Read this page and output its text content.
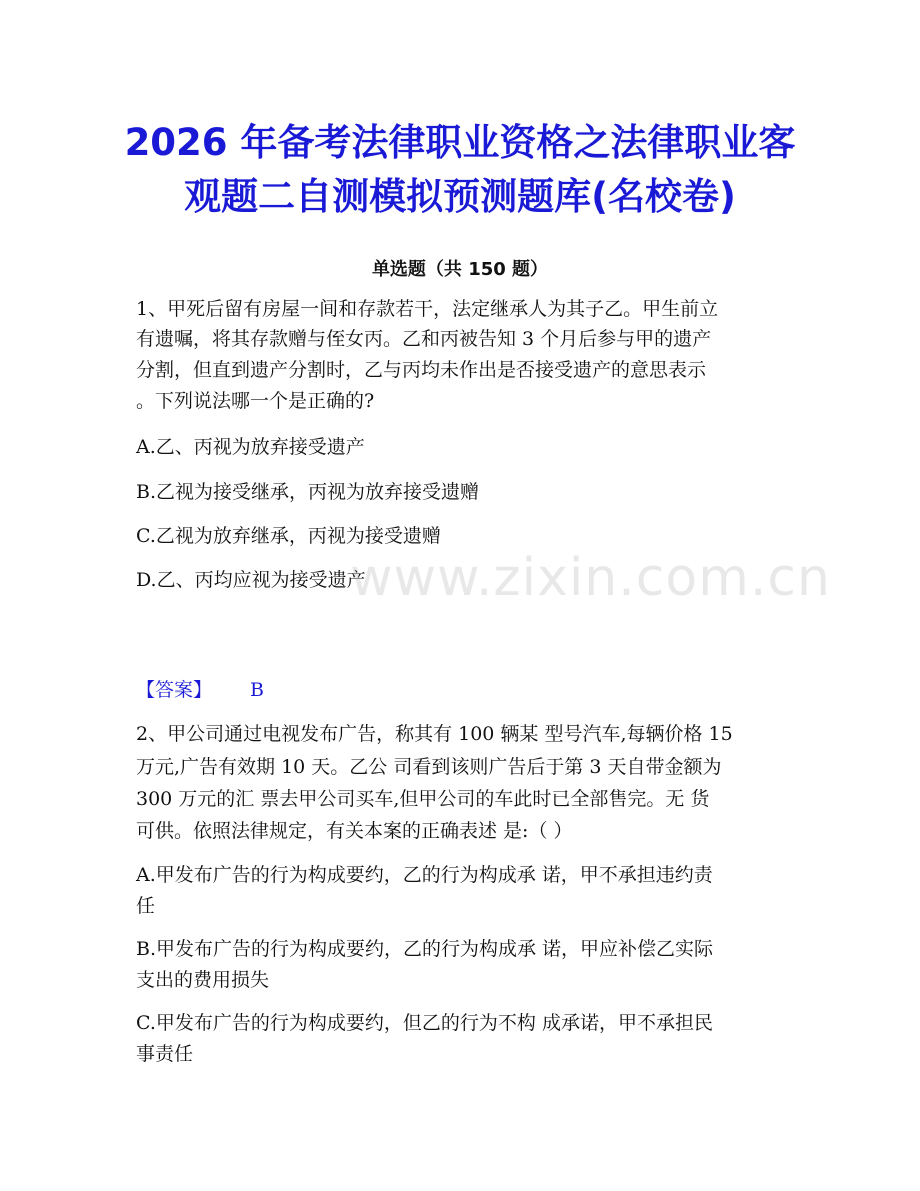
2026 年备考法律职业资格之法律职业客
观题二自测模拟预测题库(名校卷)
单选题（共 150 题）
1、甲死后留有房屋一间和存款若干，法定继承人为其子乙。甲生前立
有遗嘱，将其存款赠与侄女丙。乙和丙被告知 3 个月后参与甲的遗产
分割，但直到遗产分割时，乙与丙均未作出是否接受遗产的意思表示
。下列说法哪一个是正确的?
A.乙、丙视为放弃接受遗产
B.乙视为接受继承，丙视为放弃接受遗赠
C.乙视为放弃继承，丙视为接受遗赠
D.乙、丙均应视为接受遗产
www.zixin.com.cn
【答案】 B
2、甲公司通过电视发布广告，称其有 100 辆某 型号汽车,每辆价格 15
万元,广告有效期 10 天。乙公 司看到该则广告后于第 3 天自带金额为
300 万元的汇 票去甲公司买车,但甲公司的车此时已全部售完。无 货
可供。依照法律规定，有关本案的正确表述 是:（ ）
A.甲发布广告的行为构成要约，乙的行为构成承 诺，甲不承担违约责
任
B.甲发布广告的行为构成要约，乙的行为构成承 诺，甲应补偿乙实际
支出的费用损失
C.甲发布广告的行为构成要约，但乙的行为不构 成承诺，甲不承担民
事责任
